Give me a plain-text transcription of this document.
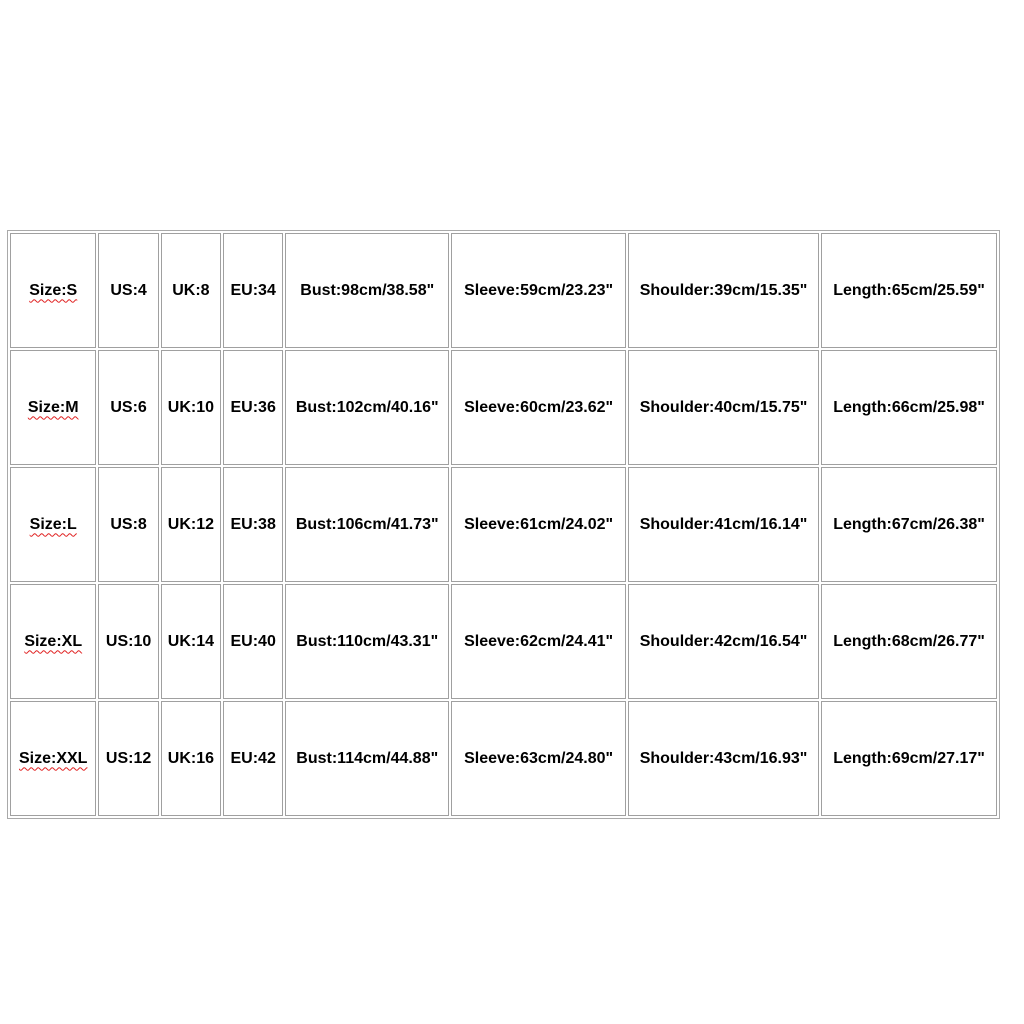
Size:S	US:4	UK:8	EU:34	Bust:98cm/38.58"	Sleeve:59cm/23.23"	Shoulder:39cm/15.35"	Length:65cm/25.59"
Size:M	US:6	UK:10	EU:36	Bust:102cm/40.16"	Sleeve:60cm/23.62"	Shoulder:40cm/15.75"	Length:66cm/25.98"
Size:L	US:8	UK:12	EU:38	Bust:106cm/41.73"	Sleeve:61cm/24.02"	Shoulder:41cm/16.14"	Length:67cm/26.38"
Size:XL	US:10	UK:14	EU:40	Bust:110cm/43.31"	Sleeve:62cm/24.41"	Shoulder:42cm/16.54"	Length:68cm/26.77"
Size:XXL	US:12	UK:16	EU:42	Bust:114cm/44.88"	Sleeve:63cm/24.80"	Shoulder:43cm/16.93"	Length:69cm/27.17"
